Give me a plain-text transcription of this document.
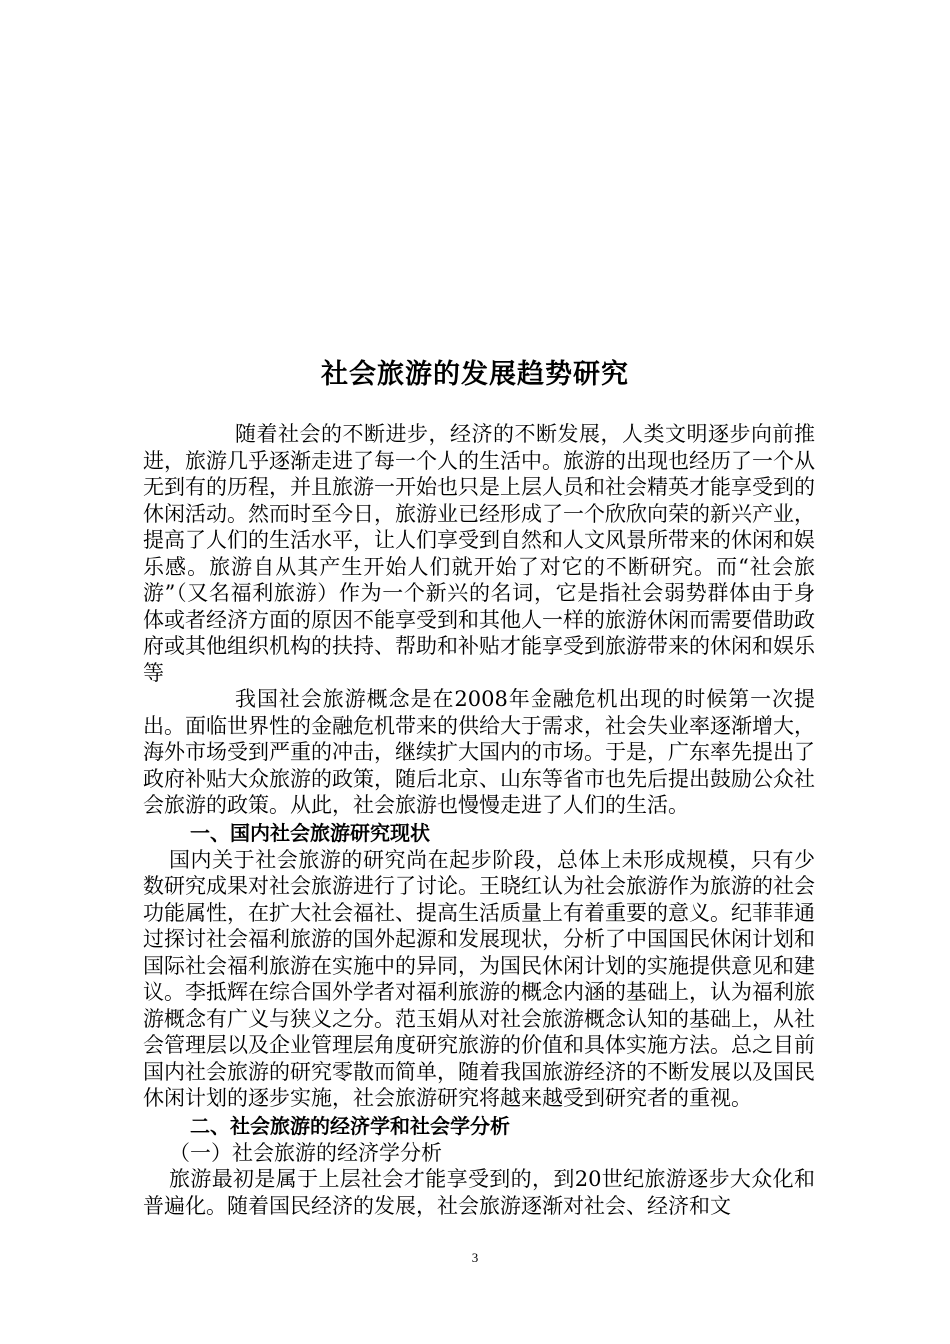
社会旅游的发展趋势研究

随着社会的不断进步，经济的不断发展，人类文明逐步向前推进，旅游几乎逐渐走进了每一个人的生活中。旅游的出现也经历了一个从无到有的历程，并且旅游一开始也只是上层人员和社会精英才能享受到的休闲活动。然而时至今日，旅游业已经形成了一个欣欣向荣的新兴产业，提高了人们的生活水平，让人们享受到自然和人文风景所带来的休闲和娱乐感。旅游自从其产生开始人们就开始了对它的不断研究。而“社会旅游”（又名福利旅游）作为一个新兴的名词，它是指社会弱势群体由于身体或者经济方面的原因不能享受到和其他人一样的旅游休闲而需要借助政府或其他组织机构的扶持、帮助和补贴才能享受到旅游带来的休闲和娱乐等

我国社会旅游概念是在2008年金融危机出现的时候第一次提出。面临世界性的金融危机带来的供给大于需求，社会失业率逐渐增大，海外市场受到严重的冲击，继续扩大国内的市场。于是，广东率先提出了政府补贴大众旅游的政策，随后北京、山东等省市也先后提出鼓励公众社会旅游的政策。从此，社会旅游也慢慢走进了人们的生活。

一、国内社会旅游研究现状

国内关于社会旅游的研究尚在起步阶段，总体上未形成规模，只有少数研究成果对社会旅游进行了讨论。王晓红认为社会旅游作为旅游的社会功能属性，在扩大社会福社、提高生活质量上有着重要的意义。纪菲菲通过探讨社会福利旅游的国外起源和发展现状，分析了中国国民休闲计划和国际社会福利旅游在实施中的异同，为国民休闲计划的实施提供意见和建议。李抵辉在综合国外学者对福利旅游的概念内涵的基础上，认为福利旅游概念有广义与狭义之分。范玉娟从对社会旅游概念认知的基础上，从社会管理层以及企业管理层角度研究旅游的价值和具体实施方法。总之目前国内社会旅游的研究零散而简单，随着我国旅游经济的不断发展以及国民休闲计划的逐步实施，社会旅游研究将越来越受到研究者的重视。

二、社会旅游的经济学和社会学分析

（一）社会旅游的经济学分析

旅游最初是属于上层社会才能享受到的，到20世纪旅游逐步大众化和普遍化。随着国民经济的发展，社会旅游逐渐对社会、经济和文

3
